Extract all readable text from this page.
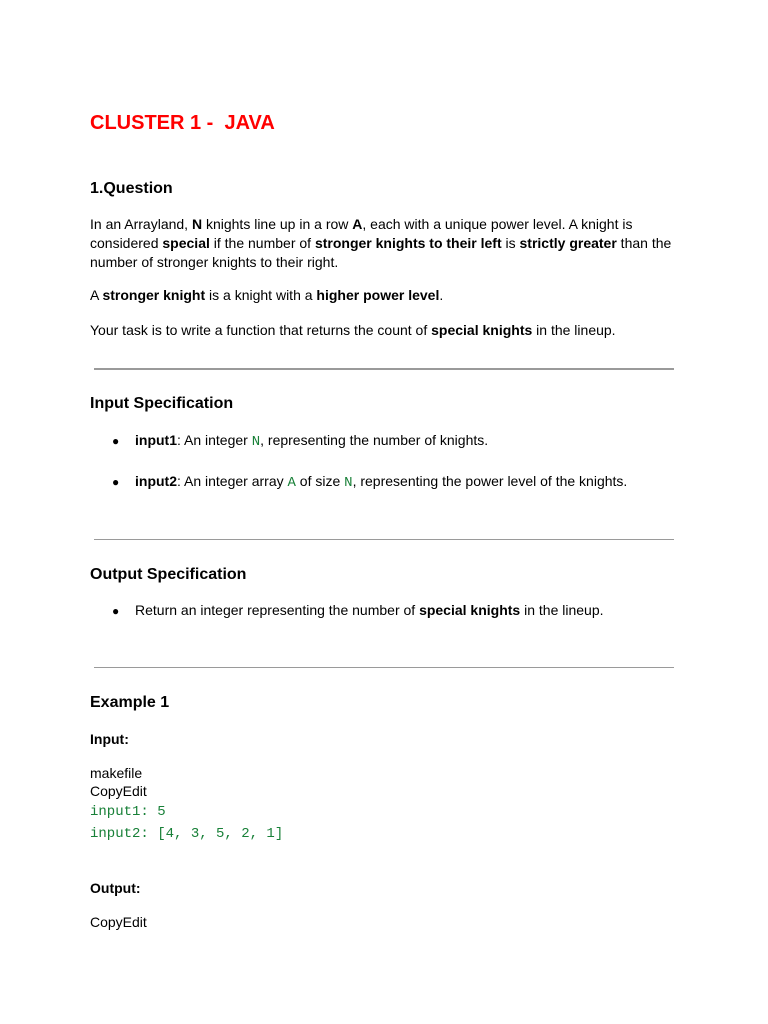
CLUSTER 1 -  JAVA
1.Question

In an Arrayland, N knights line up in a row A, each with a unique power level. A knight is considered special if the number of stronger knights to their left is strictly greater than the number of stronger knights to their right.

A stronger knight is a knight with a higher power level.

Your task is to write a function that returns the count of special knights in the lineup.

Input Specification
● input1: An integer N, representing the number of knights.
● input2: An integer array A of size N, representing the power level of the knights.
Output Specification
● Return an integer representing the number of special knights in the lineup.
Example 1

Input:

makefile

CopyEdit

input1: 5

input2: [4, 3, 5, 2, 1]

Output:

CopyEdit
